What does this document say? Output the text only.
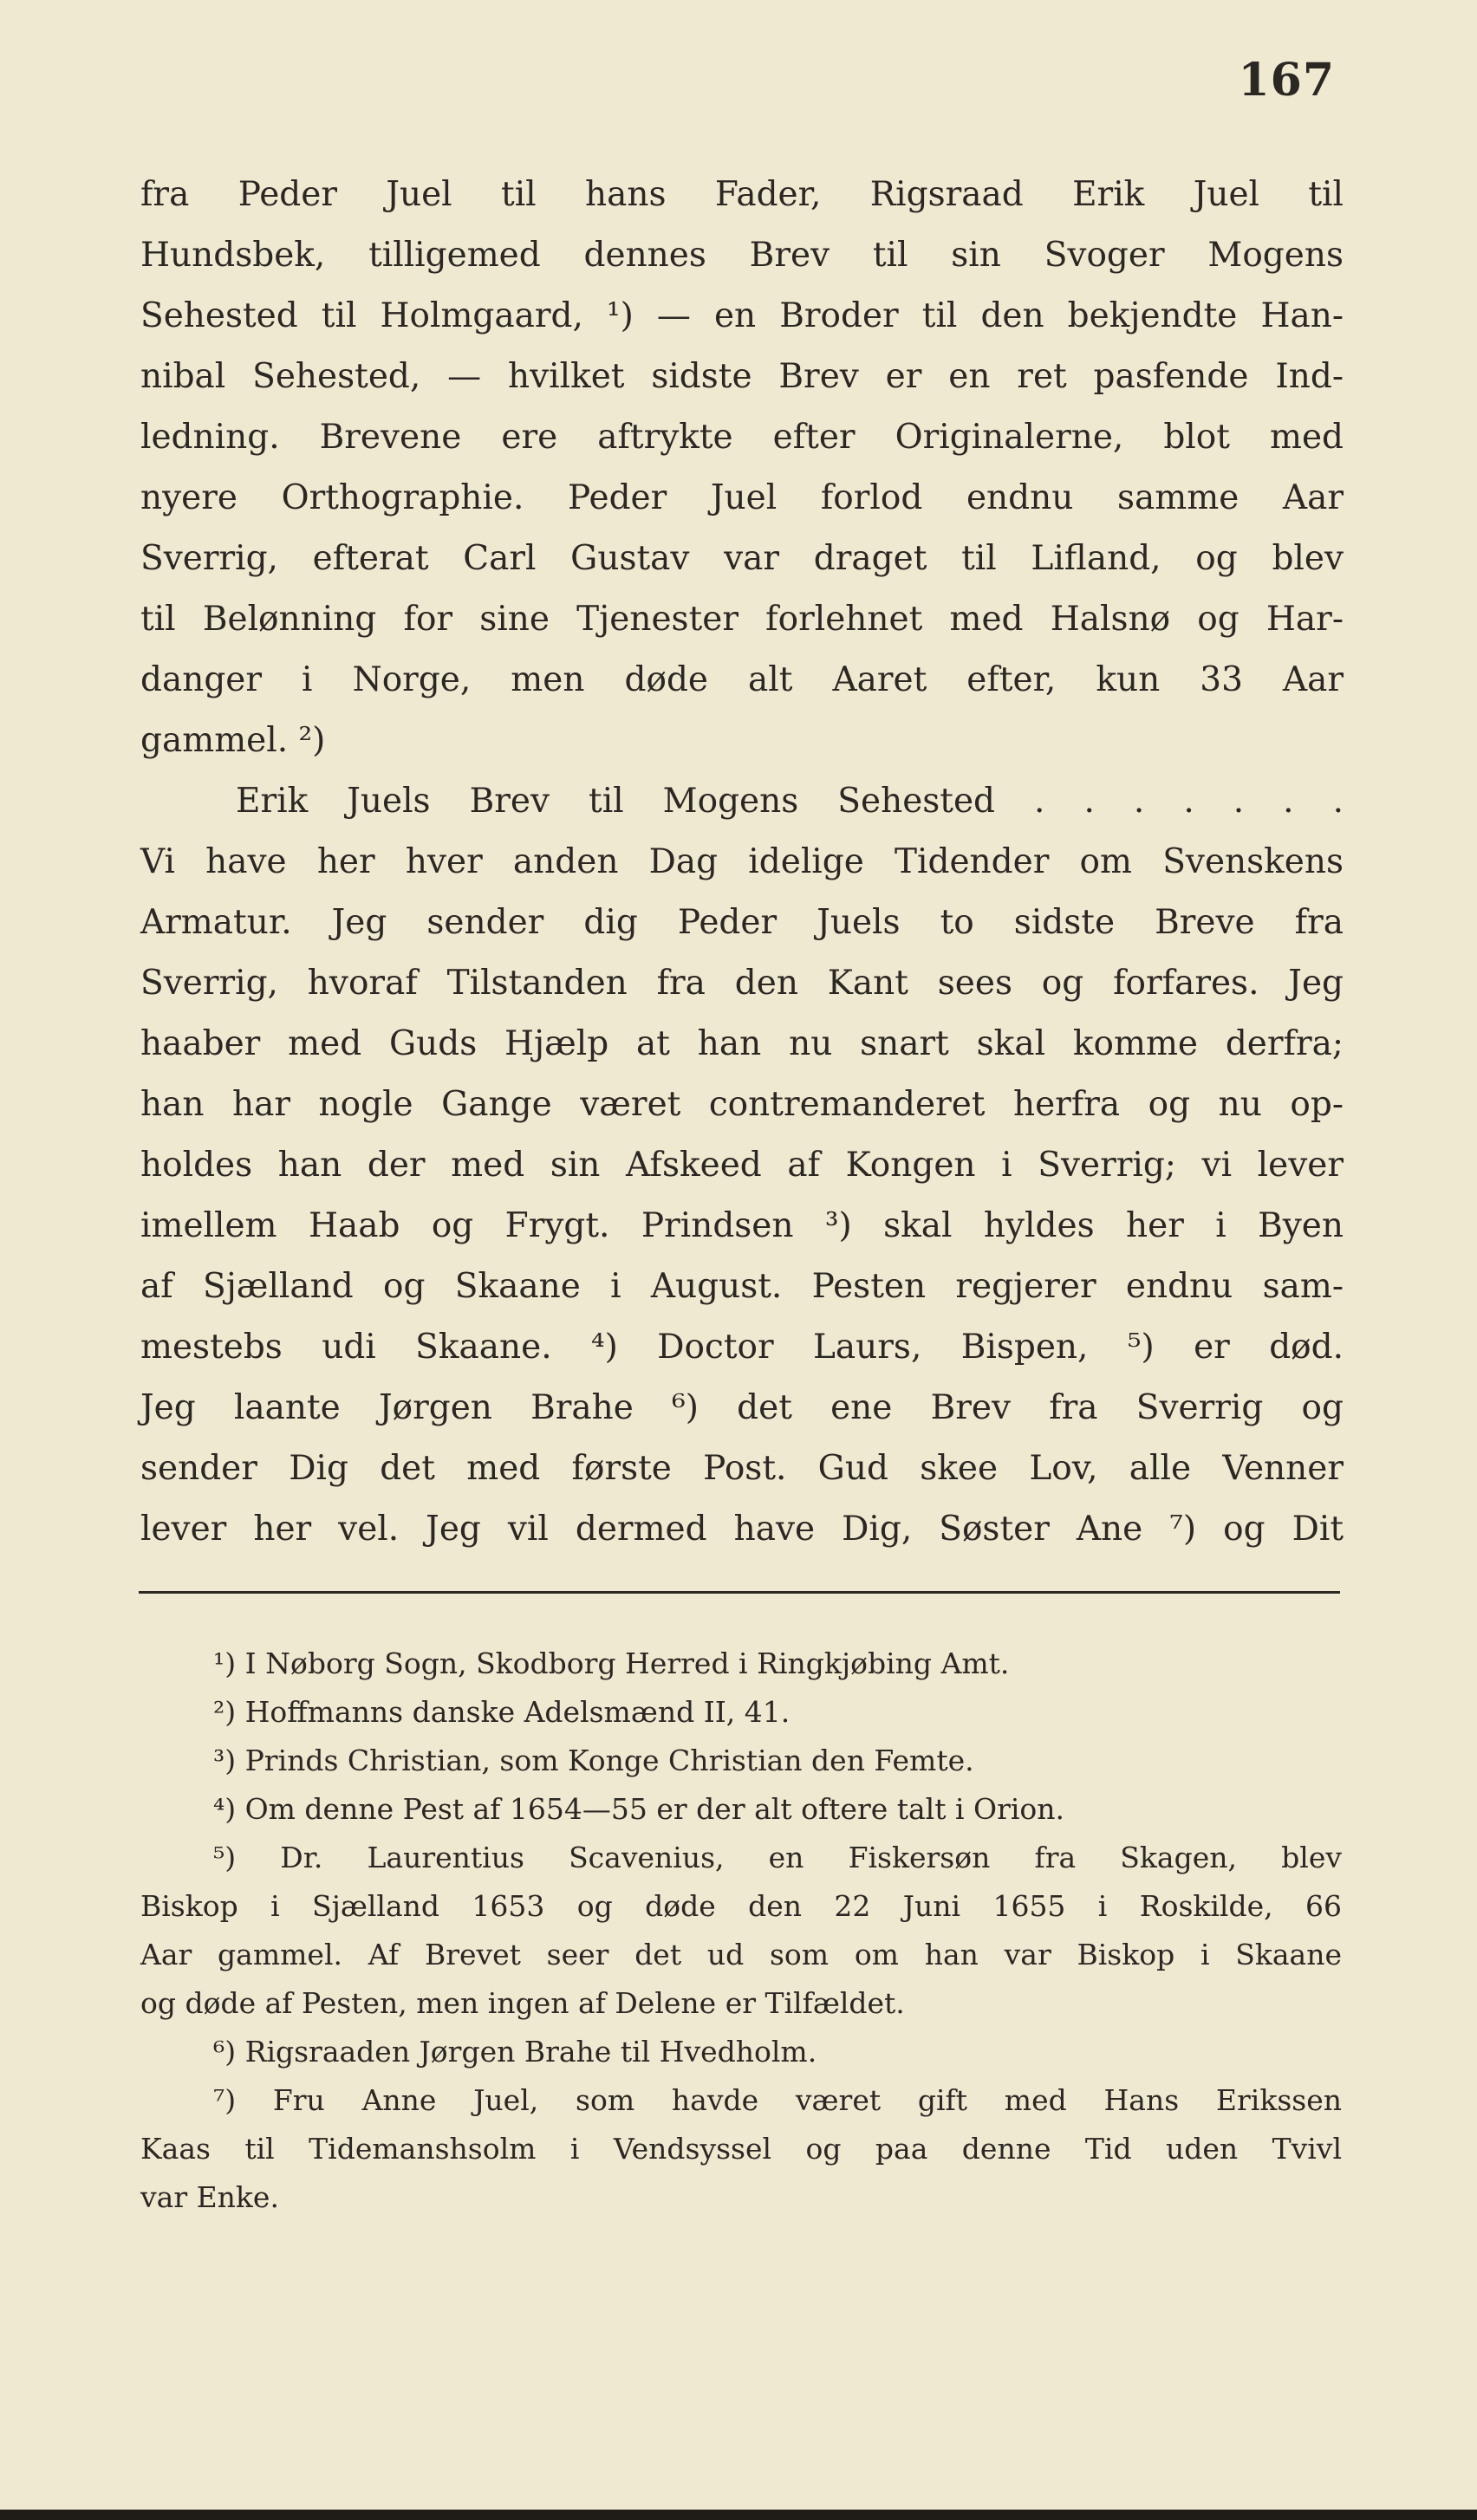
167
fra Peder Juel til hans Fader, Rigsraad Erik Juel til
Hundsbek, tilligemed dennes Brev til sin Svoger Mogens
Sehested til Holmgaard, ¹) — en Broder til den bekjendte Han-
nibal Sehested, — hvilket sidste Brev er en ret pasfende Ind-
ledning. Brevene ere aftrykte efter Originalerne, blot med
nyere Orthographie. Peder Juel forlod endnu samme Aar
Sverrig, efterat Carl Gustav var draget til Lifland, og blev
til Belønning for sine Tjenester forlehnet med Halsnø og Har-
danger i Norge, men døde alt Aaret efter, kun 33 Aar
gammel. ²)
Erik Juels Brev til Mogens Sehested . . . . . . .
Vi have her hver anden Dag idelige Tidender om Svenskens
Armatur. Jeg sender dig Peder Juels to sidste Breve fra
Sverrig, hvoraf Tilstanden fra den Kant sees og forfares. Jeg
haaber med Guds Hjælp at han nu snart skal komme derfra;
han har nogle Gange været contremanderet herfra og nu op-
holdes han der med sin Afskeed af Kongen i Sverrig; vi lever
imellem Haab og Frygt. Prindsen ³) skal hyldes her i Byen
af Sjælland og Skaane i August. Pesten regjerer endnu sam-
mestebs udi Skaane. ⁴) Doctor Laurs, Bispen, ⁵) er død.
Jeg laante Jørgen Brahe ⁶) det ene Brev fra Sverrig og
sender Dig det med første Post. Gud skee Lov, alle Venner
lever her vel. Jeg vil dermed have Dig, Søster Ane ⁷) og Dit
¹) I Nøborg Sogn, Skodborg Herred i Ringkjøbing Amt.
²) Hoffmanns danske Adelsmænd II, 41.
³) Prinds Christian, som Konge Christian den Femte.
⁴) Om denne Pest af 1654—55 er der alt oftere talt i Orion.
⁵) Dr. Laurentius Scavenius, en Fiskersøn fra Skagen, blev
Biskop i Sjælland 1653 og døde den 22 Juni 1655 i Roskilde, 66
Aar gammel. Af Brevet seer det ud som om han var Biskop i Skaane
og døde af Pesten, men ingen af Delene er Tilfældet.
⁶) Rigsraaden Jørgen Brahe til Hvedholm.
⁷) Fru Anne Juel, som havde været gift med Hans Erikssen
Kaas til Tidemanshsolm i Vendsyssel og paa denne Tid uden Tvivl
var Enke.
